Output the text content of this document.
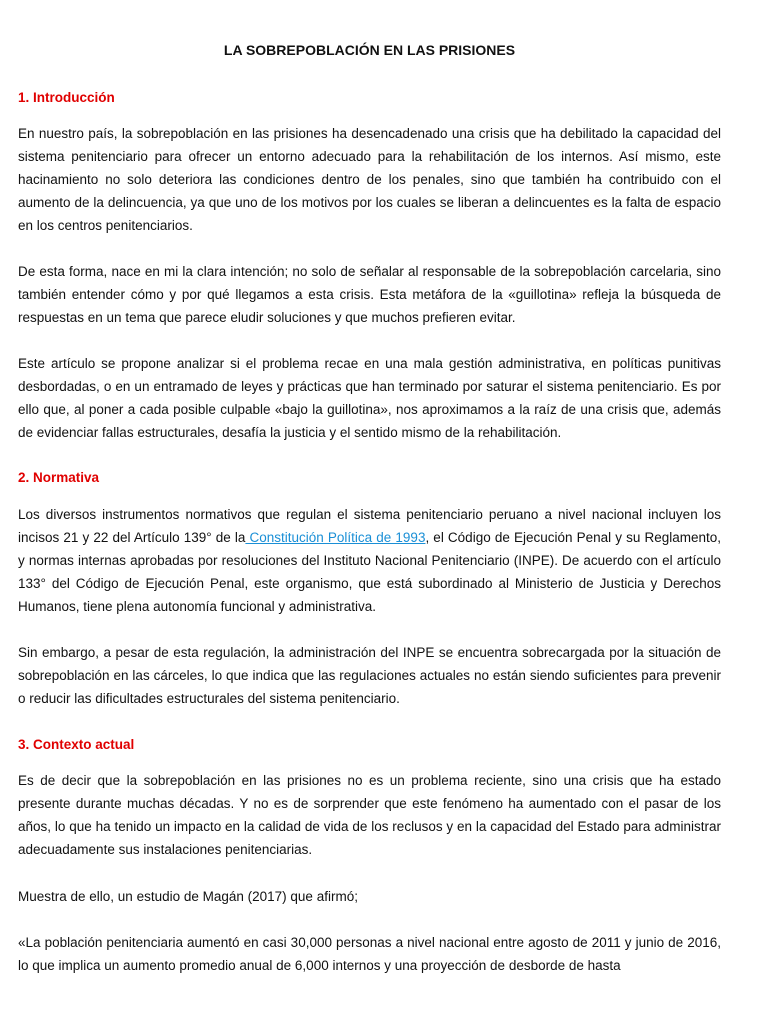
LA SOBREPOBLACIÓN EN LAS PRISIONES
1. Introducción

En nuestro país, la sobrepoblación en las prisiones ha desencadenado una crisis que ha debilitado la capacidad del sistema penitenciario para ofrecer un entorno adecuado para la rehabilitación de los internos. Así mismo, este hacinamiento no solo deteriora las condiciones dentro de los penales, sino que también ha contribuido con el aumento de la delincuencia, ya que uno de los motivos por los cuales se liberan a delincuentes es la falta de espacio en los centros penitenciarios.

De esta forma, nace en mi la clara intención; no solo de señalar al responsable de la sobrepoblación carcelaria, sino también entender cómo y por qué llegamos a esta crisis. Esta metáfora de la «guillotina» refleja la búsqueda de respuestas en un tema que parece eludir soluciones y que muchos prefieren evitar.

Este artículo se propone analizar si el problema recae en una mala gestión administrativa, en políticas punitivas desbordadas, o en un entramado de leyes y prácticas que han terminado por saturar el sistema penitenciario. Es por ello que, al poner a cada posible culpable «bajo la guillotina», nos aproximamos a la raíz de una crisis que, además de evidenciar fallas estructurales, desafía la justicia y el sentido mismo de la rehabilitación.

2. Normativa

Los diversos instrumentos normativos que regulan el sistema penitenciario peruano a nivel nacional incluyen los incisos 21 y 22 del Artículo 139° de la Constitución Política de 1993, el Código de Ejecución Penal y su Reglamento, y normas internas aprobadas por resoluciones del Instituto Nacional Penitenciario (INPE). De acuerdo con el artículo 133° del Código de Ejecución Penal, este organismo, que está subordinado al Ministerio de Justicia y Derechos Humanos, tiene plena autonomía funcional y administrativa.

Sin embargo, a pesar de esta regulación, la administración del INPE se encuentra sobrecargada por la situación de sobrepoblación en las cárceles, lo que indica que las regulaciones actuales no están siendo suficientes para prevenir o reducir las dificultades estructurales del sistema penitenciario.

3. Contexto actual

Es de decir que la sobrepoblación en las prisiones no es un problema reciente, sino una crisis que ha estado presente durante muchas décadas. Y no es de sorprender que este fenómeno ha aumentado con el pasar de los años, lo que ha tenido un impacto en la calidad de vida de los reclusos y en la capacidad del Estado para administrar adecuadamente sus instalaciones penitenciarias.

Muestra de ello, un estudio de Magán (2017) que afirmó;

«La población penitenciaria aumentó en casi 30,000 personas a nivel nacional entre agosto de 2011 y junio de 2016, lo que implica un aumento promedio anual de 6,000 internos y una proyección de desborde de hasta
